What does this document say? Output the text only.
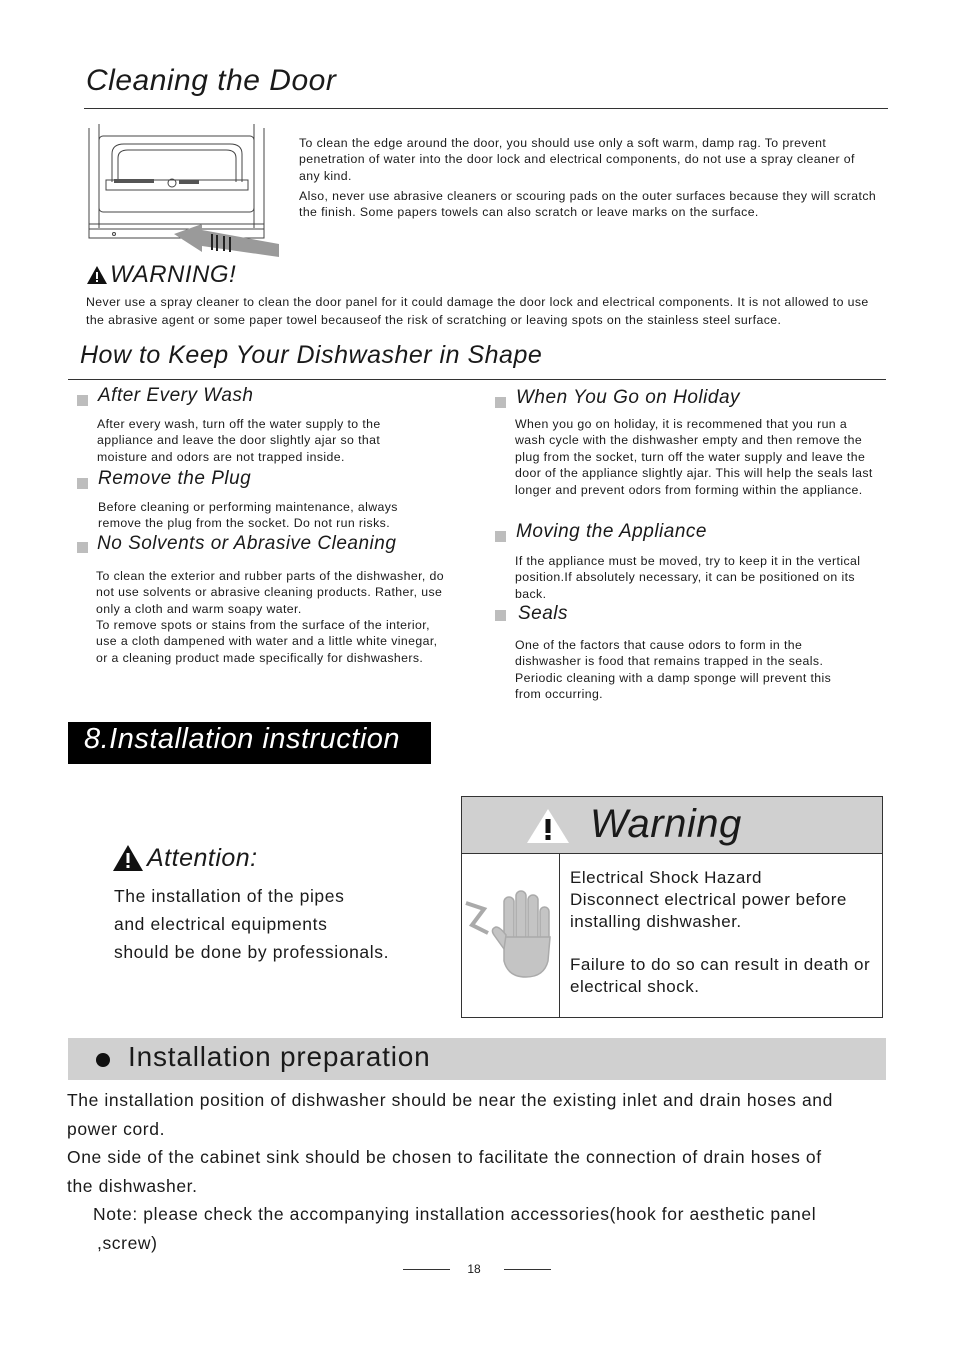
Cleaning the Door
To clean the edge around the door, you should use only a soft warm, damp rag. To prevent penetration of water into the door lock and electrical components, do not use a spray cleaner of any kind.
Also, never use abrasive cleaners or scouring pads on the outer surfaces because they will scratch the finish. Some papers towels can also scratch or leave marks on the surface.
WARNING!
Never use a spray cleaner to clean the door panel for it could damage the door lock and electrical components. It is not allowed to use the abrasive agent or some paper towel becauseof the risk of scratching or leaving spots on the stainless steel surface.
How to Keep Your Dishwasher in Shape
After Every Wash
After every wash, turn off the water supply to the appliance and leave the door slightly ajar so that moisture and odors are not trapped inside.
Remove the Plug
Before cleaning or performing maintenance, always remove the plug from the socket. Do not run risks.
No Solvents or Abrasive Cleaning
To clean the exterior and rubber parts of the dishwasher, do not use solvents or abrasive cleaning products. Rather, use only a cloth and warm soapy water.
To remove spots or stains from the surface of the interior, use a cloth dampened with water and a little white vinegar, or a cleaning product made specifically for dishwashers.
When You Go on Holiday
When you go on holiday, it is recommened that you run a wash cycle with the dishwasher empty and then remove the plug from the socket, turn off the water supply and leave the door of the appliance slightly ajar. This will help the seals last longer and prevent odors from forming within the appliance.
Moving the Appliance
If the appliance must be moved, try to keep it in the vertical position.If absolutely necessary, it can be positioned on its back.
Seals
One of the factors that cause odors to form in the dishwasher is food that remains trapped in the seals. Periodic cleaning with a damp sponge will prevent this from occurring.
8.Installation instruction
Attention:
The installation of the pipes
and electrical equipments
should be done by professionals.
Warning
Electrical Shock Hazard
Disconnect electrical power before
installing dishwasher.
Failure to do so can result in death or
electrical shock.
Installation preparation
The installation position of dishwasher should be near the existing inlet and drain hoses and
power cord.
One side of the cabinet sink should be chosen to facilitate the connection of drain hoses of
the dishwasher.
Note: please check the accompanying installation accessories(hook for aesthetic panel
,screw)
18
